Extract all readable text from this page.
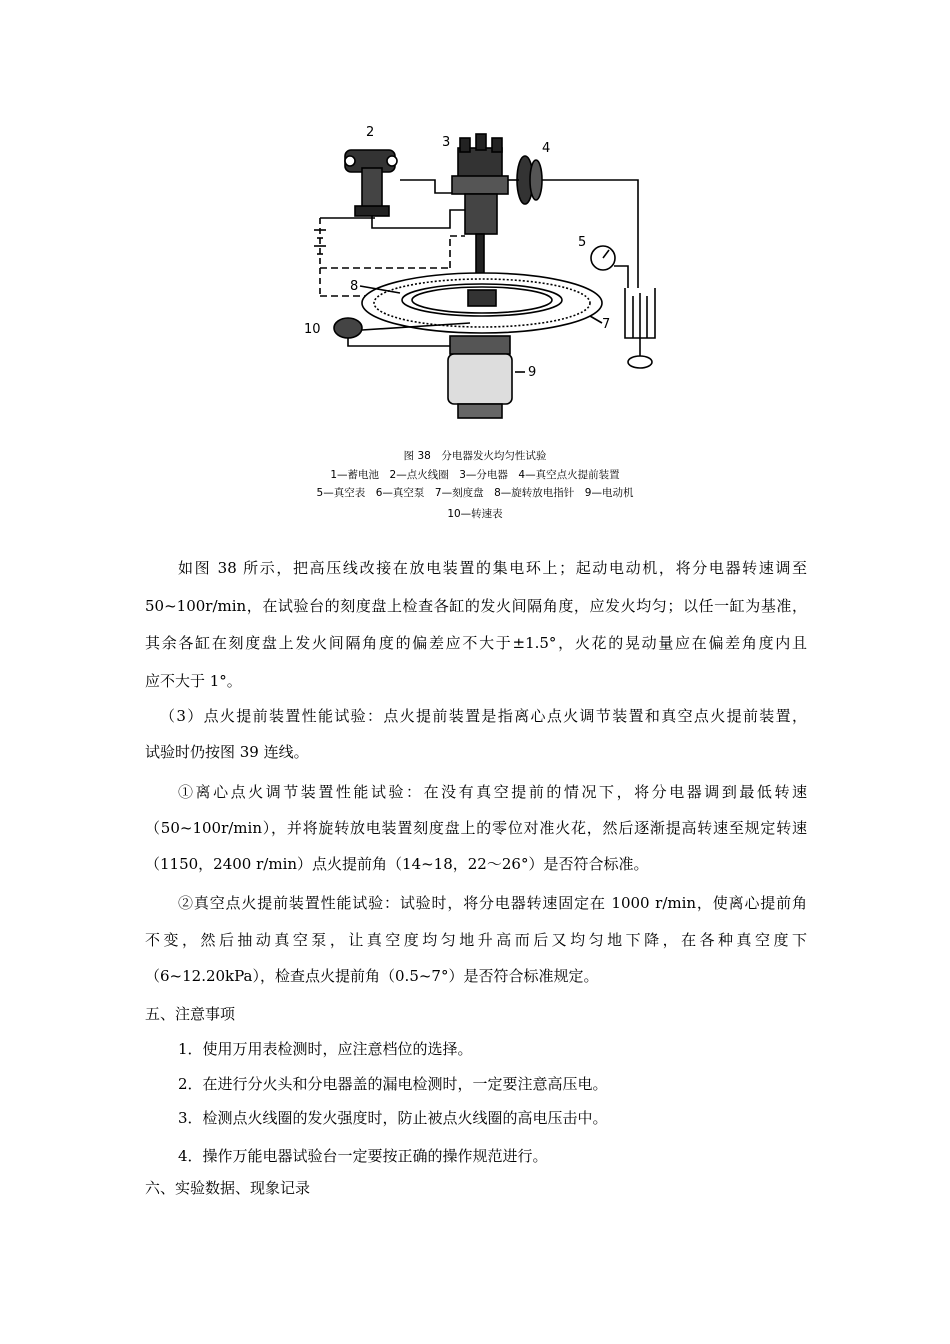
2
3	4
5
8
7
10
9
图 38　分电器发火均匀性试验
1—蓄电池　2—点火线圈　3—分电器　4—真空点火提前装置
5—真空表　6—真空泵　7—刻度盘　8—旋转放电指针　9—电动机
10—转速表
如图 38 所示，把高压线改接在放电装置的集电环上；起动电动机，将分电器转速调至
50~100r/min，在试验台的刻度盘上检查各缸的发火间隔角度，应发火均匀；以任一缸为基准，
其余各缸在刻度盘上发火间隔角度的偏差应不大于±1.5°，火花的晃动量应在偏差角度内且
应不大于 1°。
（3）点火提前装置性能试验：点火提前装置是指离心点火调节装置和真空点火提前装置，
试验时仍按图 39 连线。
①离心点火调节装置性能试验：在没有真空提前的情况下，将分电器调到最低转速
（50~100r/min），并将旋转放电装置刻度盘上的零位对准火花，然后逐渐提高转速至规定转速
（1150，2400 r/min）点火提前角（14~18，22～26°）是否符合标准。
②真空点火提前装置性能试验：试验时，将分电器转速固定在 1000 r/min，使离心提前角
不变，然后抽动真空泵，让真空度均匀地升高而后又均匀地下降，在各种真空度下
（6~12.20kPa），检查点火提前角（0.5~7°）是否符合标准规定。
五、注意事项
1．使用万用表检测时，应注意档位的选择。
2．在进行分火头和分电器盖的漏电检测时，一定要注意高压电。
3．检测点火线圈的发火强度时，防止被点火线圈的高电压击中。
4．操作万能电器试验台一定要按正确的操作规范进行。
六、实验数据、现象记录
